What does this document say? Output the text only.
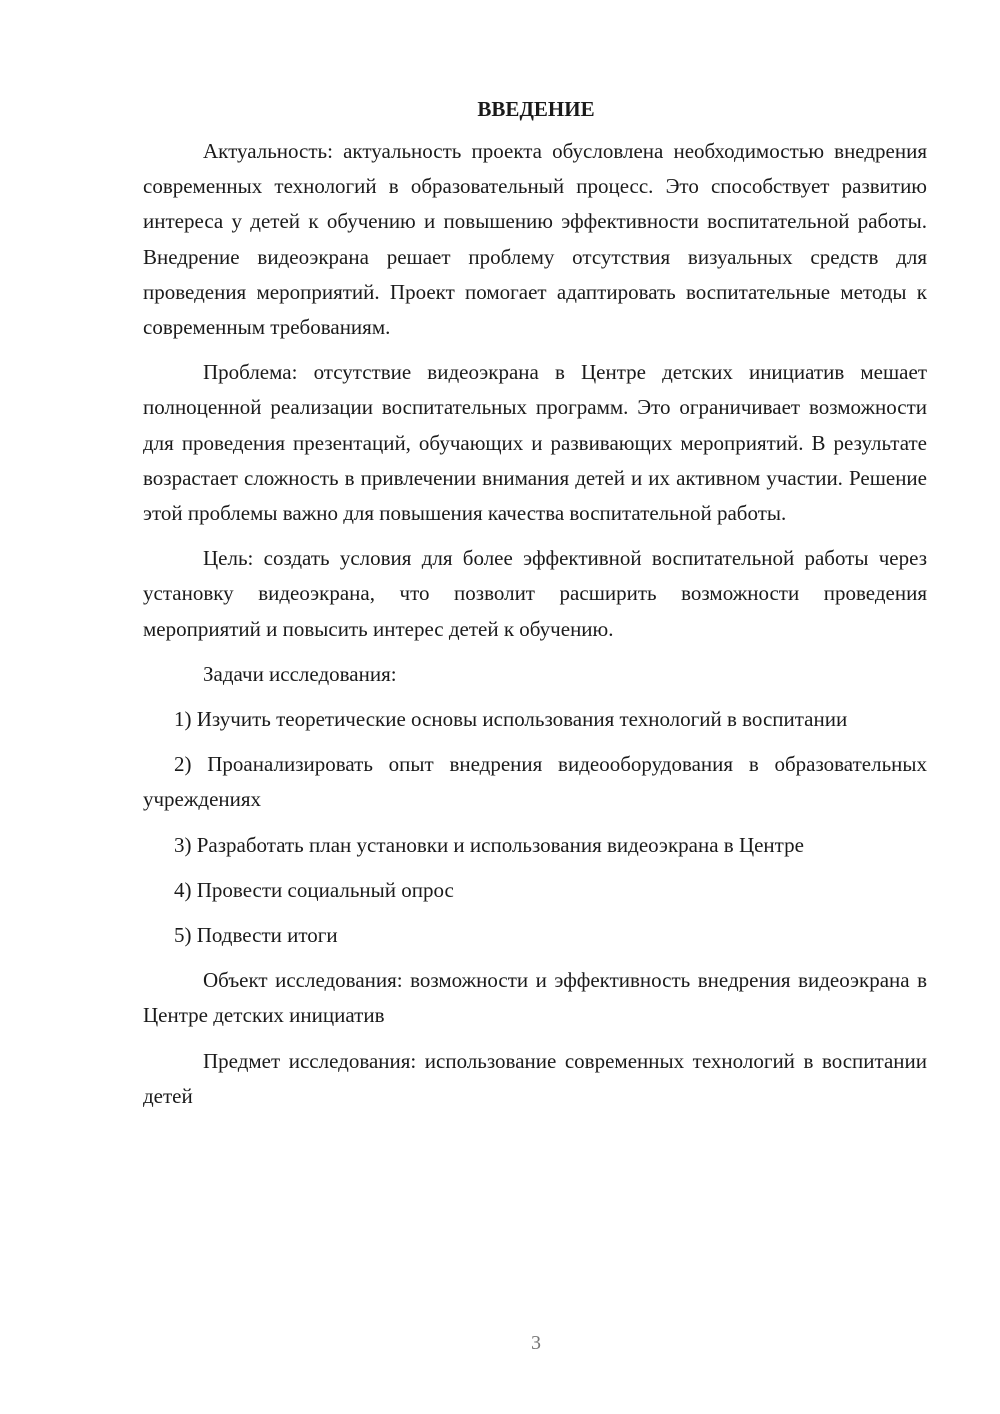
ВВЕДЕНИЕ

Актуальность: актуальность проекта обусловлена необходимостью внедрения современных технологий в образовательный процесс. Это способствует развитию интереса у детей к обучению и повышению эффективности воспитательной работы. Внедрение видеоэкрана решает проблему отсутствия визуальных средств для проведения мероприятий. Проект помогает адаптировать воспитательные методы к современным требованиям.

Проблема: отсутствие видеоэкрана в Центре детских инициатив мешает полноценной реализации воспитательных программ. Это ограничивает возможности для проведения презентаций, обучающих и развивающих мероприятий. В результате возрастает сложность в привлечении внимания детей и их активном участии. Решение этой проблемы важно для повышения качества воспитательной работы.

Цель: создать условия для более эффективной воспитательной работы через установку видеоэкрана, что позволит расширить возможности проведения мероприятий и повысить интерес детей к обучению.

Задачи исследования:

1) Изучить теоретические основы использования технологий в воспитании

2) Проанализировать опыт внедрения видеооборудования в образовательных учреждениях

3) Разработать план установки и использования видеоэкрана в Центре

4) Провести социальный опрос

5) Подвести итоги

Объект исследования: возможности и эффективность внедрения видеоэкрана в Центре детских инициатив

Предмет исследования: использование современных технологий в воспитании детей

3
